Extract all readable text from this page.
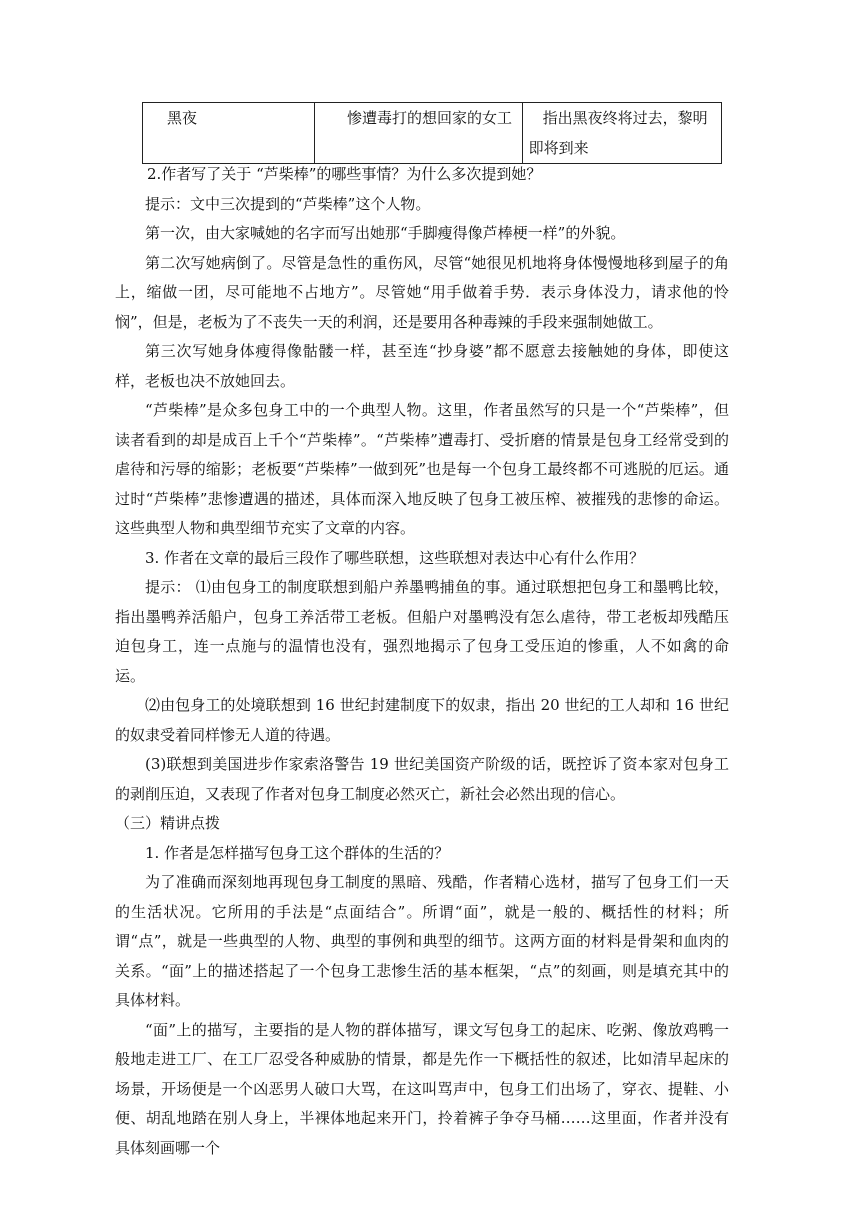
黑夜	惨遭毒打的想回家的女工	指出黑夜终将过去，黎明即将到来

2.作者写了关于 “芦柴棒”的哪些事情？为什么多次提到她？

提示：文中三次提到的“芦柴棒”这个人物。

第一次，由大家喊她的名字而写出她那“手脚瘦得像芦棒梗一样”的外貌。

第二次写她病倒了。尽管是急性的重伤风，尽管“她很见机地将身体慢慢地移到屋子的角上，缩做一团，尽可能地不占地方”。尽管她“用手做着手势．表示身体没力，请求他的怜悯”，但是，老板为了不丧失一天的利润，还是要用各种毒辣的手段来强制她做工。

第三次写她身体瘦得像骷髅一样，甚至连“抄身婆”都不愿意去接触她的身体，即使这样，老板也决不放她回去。

“芦柴棒”是众多包身工中的一个典型人物。这里，作者虽然写的只是一个“芦柴棒”，但读者看到的却是成百上千个“芦柴棒”。“芦柴棒”遭毒打、受折磨的情景是包身工经常受到的虐待和污辱的缩影；老板要“芦柴棒”一做到死”也是每一个包身工最终都不可逃脱的厄运。通过时“芦柴棒”悲惨遭遇的描述，具体而深入地反映了包身工被压榨、被摧残的悲惨的命运。这些典型人物和典型细节充实了文章的内容。

3. 作者在文章的最后三段作了哪些联想，这些联想对表达中心有什么作用？

提示： ⑴由包身工的制度联想到船户养墨鸭捕鱼的事。通过联想把包身工和墨鸭比较，指出墨鸭养活船户，包身工养活带工老板。但船户对墨鸭没有怎么虐待，带工老板却残酷压迫包身工，连一点施与的温情也没有，强烈地揭示了包身工受压迫的惨重，人不如禽的命运。

⑵由包身工的处境联想到 16 世纪封建制度下的奴隶，指出 20 世纪的工人却和 16 世纪的奴隶受着同样惨无人道的待遇。

(3)联想到美国进步作家索洛警告 19 世纪美国资产阶级的话，既控诉了资本家对包身工的剥削压迫，又表现了作者对包身工制度必然灭亡，新社会必然出现的信心。

（三）精讲点拨

1. 作者是怎样描写包身工这个群体的生活的？

为了准确而深刻地再现包身工制度的黑暗、残酷，作者精心选材，描写了包身工们一天的生活状况。它所用的手法是“点面结合”。所谓“面”，就是一般的、概括性的材料；所谓“点”，就是一些典型的人物、典型的事例和典型的细节。这两方面的材料是骨架和血肉的关系。“面”上的描述搭起了一个包身工悲惨生活的基本框架，“点”的刻画，则是填充其中的具体材料。

“面”上的描写，主要指的是人物的群体描写，课文写包身工的起床、吃粥、像放鸡鸭一般地走进工厂、在工厂忍受各种威胁的情景，都是先作一下概括性的叙述，比如清早起床的场景，开场便是一个凶恶男人破口大骂，在这叫骂声中，包身工们出场了，穿衣、提鞋、小便、胡乱地踏在别人身上，半裸体地起来开门，拎着裤子争夺马桶……这里面，作者并没有具体刻画哪一个
